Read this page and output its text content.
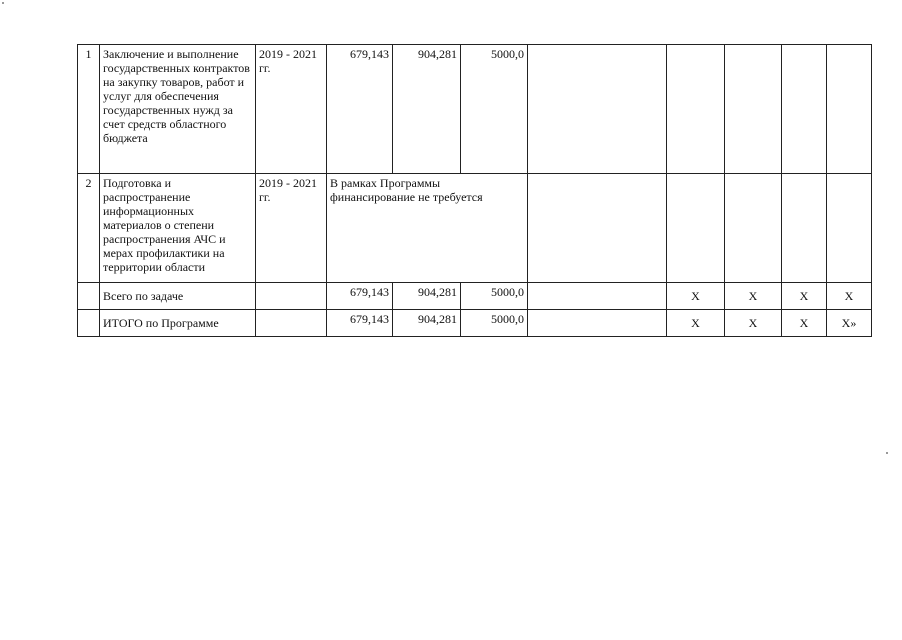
1	Заключение и выполнение государственных контрактов на закупку товаров, работ и услуг для обеспечения государственных нужд за счет средств областного бюджета	2019 - 2021 гг.	679,143	904,281	5000,0					
2	Подготовка и распространение информационных материалов о степени распространения АЧС и мерах профилактики на территории области	2019 - 2021 гг.	В рамках Программы финансирование не требуется							
	Всего по задаче		679,143	904,281	5000,0		X	X	X	X
	ИТОГО по Программе		679,143	904,281	5000,0		X	X	X	X»
